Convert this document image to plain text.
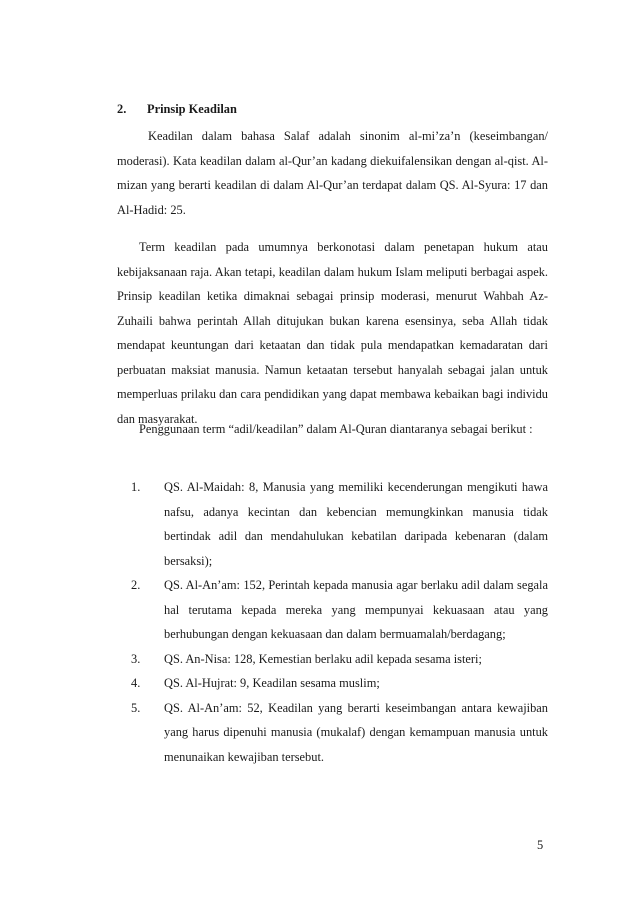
2. Prinsip Keadilan
Keadilan dalam bahasa Salaf adalah sinonim al-mi’za’n (keseimbangan/ moderasi). Kata keadilan dalam al-Qur’an kadang diekuifalensikan dengan al-qist. Al-mizan yang berarti keadilan di dalam Al-Qur’an terdapat dalam QS. Al-Syura: 17 dan Al-Hadid: 25.
Term keadilan pada umumnya berkonotasi dalam penetapan hukum atau kebijaksanaan raja. Akan tetapi, keadilan dalam hukum Islam meliputi berbagai aspek. Prinsip keadilan ketika dimaknai sebagai prinsip moderasi, menurut Wahbah Az-Zuhaili bahwa perintah Allah ditujukan bukan karena esensinya, seba Allah tidak mendapat keuntungan dari ketaatan dan tidak pula mendapatkan kemadaratan dari perbuatan maksiat manusia. Namun ketaatan tersebut hanyalah sebagai jalan untuk memperluas prilaku dan cara pendidikan yang dapat membawa kebaikan bagi individu dan masyarakat.
Penggunaan term “adil/keadilan” dalam Al-Quran diantaranya sebagai berikut :
1. QS. Al-Maidah: 8, Manusia yang memiliki kecenderungan mengikuti hawa nafsu, adanya kecintan dan kebencian memungkinkan manusia tidak bertindak adil dan mendahulukan kebatilan daripada kebenaran (dalam bersaksi);
2. QS. Al-An’am: 152, Perintah kepada manusia agar berlaku adil dalam segala hal terutama kepada mereka yang mempunyai kekuasaan atau yang berhubungan dengan kekuasaan dan dalam bermuamalah/berdagang;
3. QS. An-Nisa: 128, Kemestian berlaku adil kepada sesama isteri;
4. QS. Al-Hujrat: 9, Keadilan sesama muslim;
5. QS. Al-An’am: 52, Keadilan yang berarti keseimbangan antara kewajiban yang harus dipenuhi manusia (mukalaf) dengan kemampuan manusia untuk menunaikan kewajiban tersebut.
5
